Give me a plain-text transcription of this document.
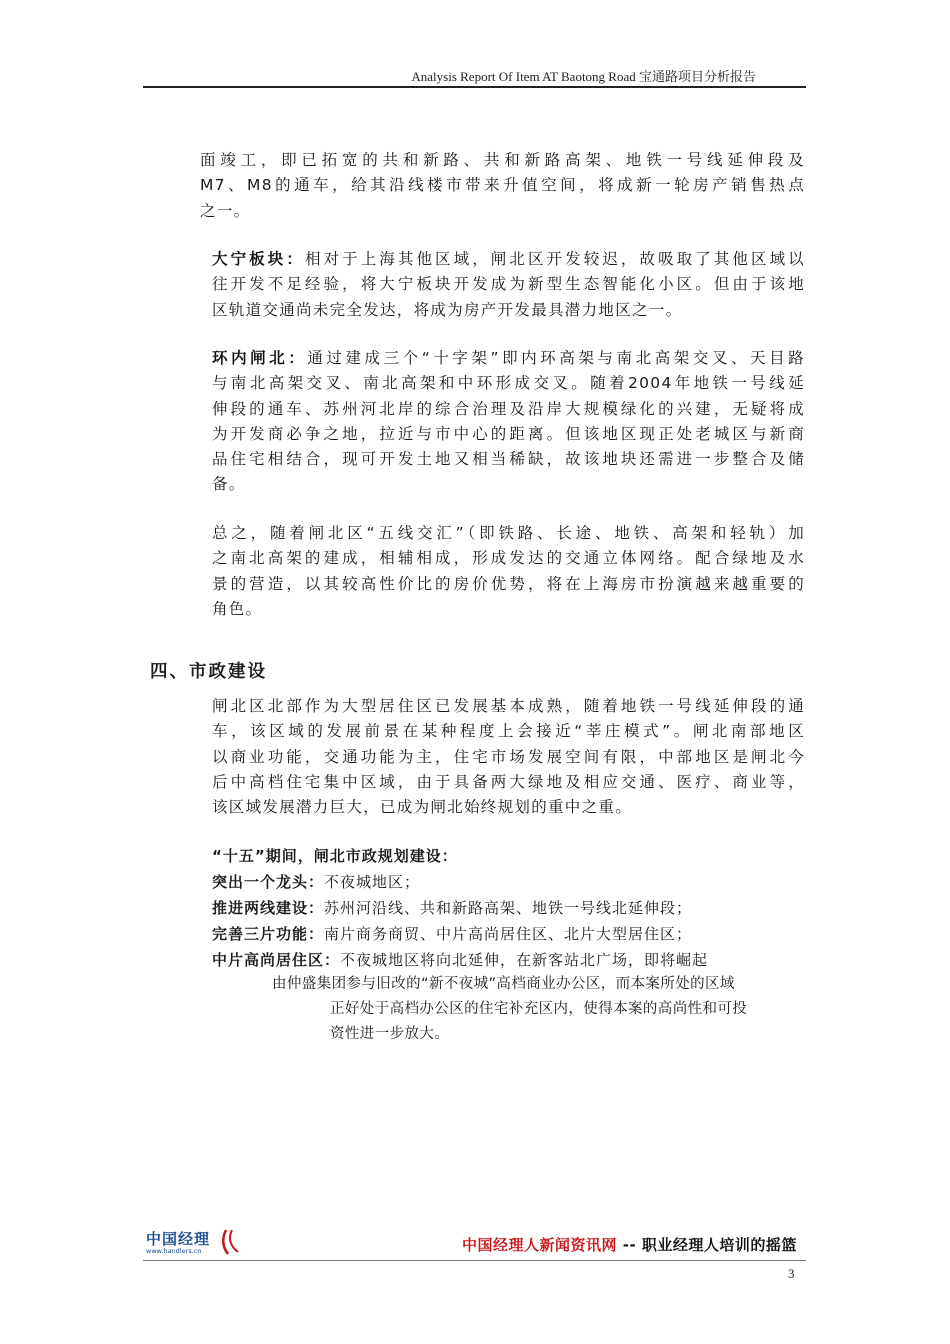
Analysis Report Of Item AT Baotong Road 宝通路项目分析报告
面竣工，即已拓宽的共和新路、共和新路高架、地铁一号线延伸段及
M7、M8的通车，给其沿线楼市带来升值空间，将成新一轮房产销售热点
之一。
大宁板块：相对于上海其他区域，闸北区开发较迟，故吸取了其他区域以
往开发不足经验，将大宁板块开发成为新型生态智能化小区。但由于该地
区轨道交通尚未完全发达，将成为房产开发最具潜力地区之一。
环内闸北：通过建成三个“十字架”即内环高架与南北高架交叉、天目路
与南北高架交叉、南北高架和中环形成交叉。随着2004年地铁一号线延
伸段的通车、苏州河北岸的综合治理及沿岸大规模绿化的兴建，无疑将成
为开发商必争之地，拉近与市中心的距离。但该地区现正处老城区与新商
品住宅相结合，现可开发土地又相当稀缺，故该地块还需进一步整合及储
备。
总之，随着闸北区“五线交汇”（即铁路、长途、地铁、高架和轻轨）加
之南北高架的建成，相辅相成，形成发达的交通立体网络。配合绿地及水
景的营造，以其较高性价比的房价优势，将在上海房市扮演越来越重要的
角色。
四、市政建设
闸北区北部作为大型居住区已发展基本成熟，随着地铁一号线延伸段的通
车，该区域的发展前景在某种程度上会接近“莘庄模式”。闸北南部地区
以商业功能，交通功能为主，住宅市场发展空间有限，中部地区是闸北今
后中高档住宅集中区域，由于具备两大绿地及相应交通、医疗、商业等，
该区域发展潜力巨大，已成为闸北始终规划的重中之重。
“十五”期间，闸北市政规划建设：
突出一个龙头：不夜城地区；
推进两线建设：苏州河沿线、共和新路高架、地铁一号线北延伸段；
完善三片功能：南片商务商贸、中片高尚居住区、北片大型居住区；
中片高尚居住区：不夜城地区将向北延伸，在新客站北广场，即将崛起
由仲盛集团参与旧改的“新不夜城”高档商业办公区，而本案所处的区域
正好处于高档办公区的住宅补充区内，使得本案的高尚性和可投
资性进一步放大。
中国经理
www.handlers.cn	中国经理人新闻资讯网 -- 职业经理人培训的摇篮
3
